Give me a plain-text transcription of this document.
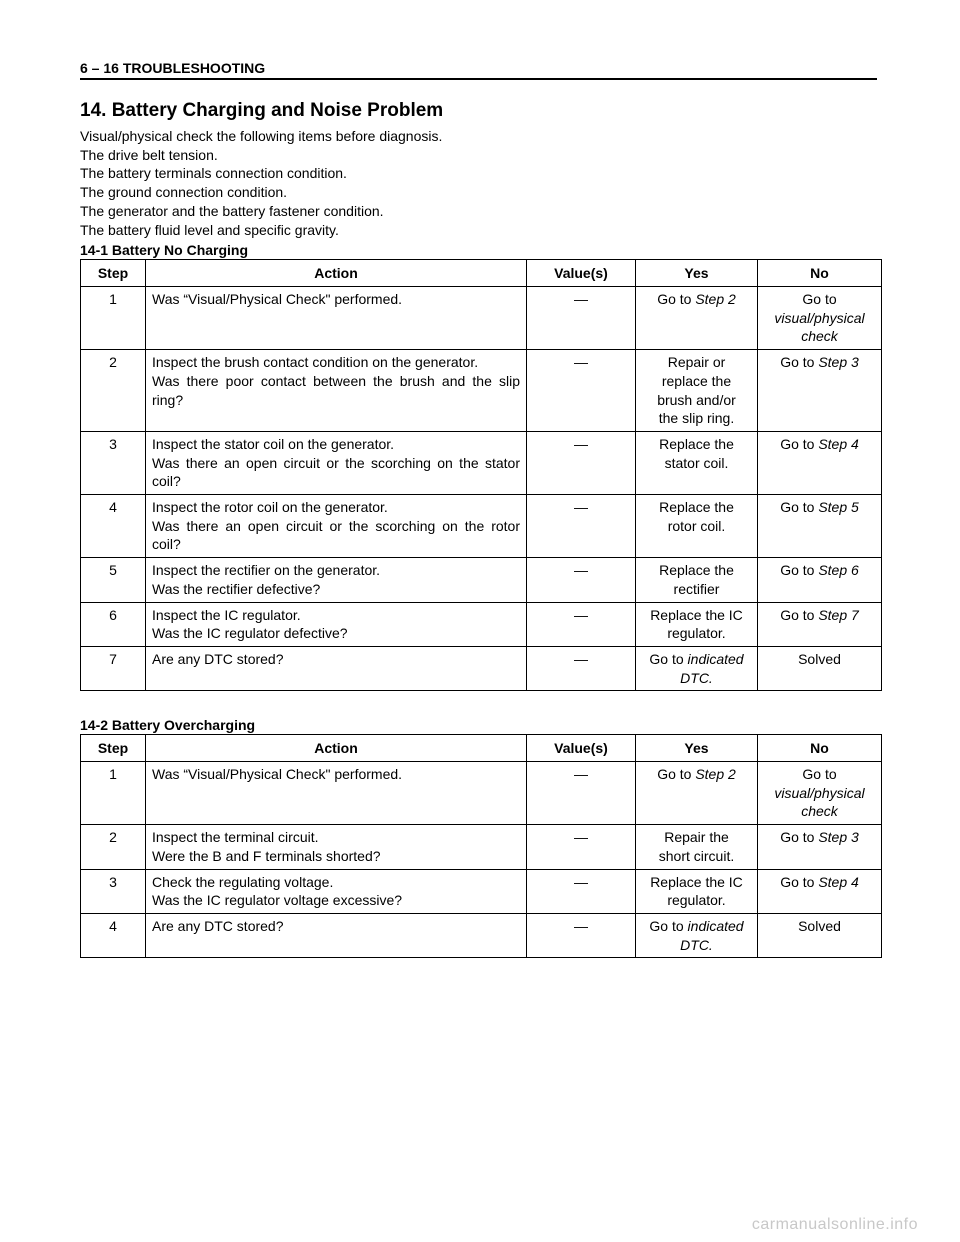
6 – 16 TROUBLESHOOTING
14. Battery Charging and Noise Problem
Visual/physical check the following items before diagnosis.
The drive belt tension.
The battery terminals connection condition.
The ground connection condition.
The generator and the battery fastener condition.
The battery fluid level and specific gravity.
14-1 Battery No Charging
Step	Action	Value(s)	Yes	No
1	Was “Visual/Physical Check" performed.	—	Go to Step 2	Go to
visual/physical
check

2	Inspect the brush contact condition on the generator.
Was there poor contact between the brush and the slip ring?	—	Repair or
replace the
brush and/or
the slip ring.	Go to Step 3

3	Inspect the stator coil on the generator.
Was there an open circuit or the scorching on the stator coil?	—	Replace the
stator coil.	Go to Step 4

4	Inspect the rotor coil on the generator.
Was there an open circuit or the scorching on the rotor coil?	—	Replace the
rotor coil.	Go to Step 5

5	Inspect the rectifier on the generator.
Was the rectifier defective?	—	Replace the
rectifier	Go to Step 6

6	Inspect the IC regulator.
Was the IC regulator defective?	—	Replace the IC
regulator.	Go to Step 7

7	Are any DTC stored?	—	Go to indicated
DTC.	Solved
14-2 Battery Overcharging
Step	Action	Value(s)	Yes	No
1	Was “Visual/Physical Check" performed.	—	Go to Step 2	Go to
visual/physical
check

2	Inspect the terminal circuit.
Were the B and F terminals shorted?	—	Repair the
short circuit.	Go to Step 3

3	Check the regulating voltage.
Was the IC regulator voltage excessive?	—	Replace the IC
regulator.	Go to Step 4

4	Are any DTC stored?	—	Go to indicated
DTC.	Solved
carmanualsonline.info
